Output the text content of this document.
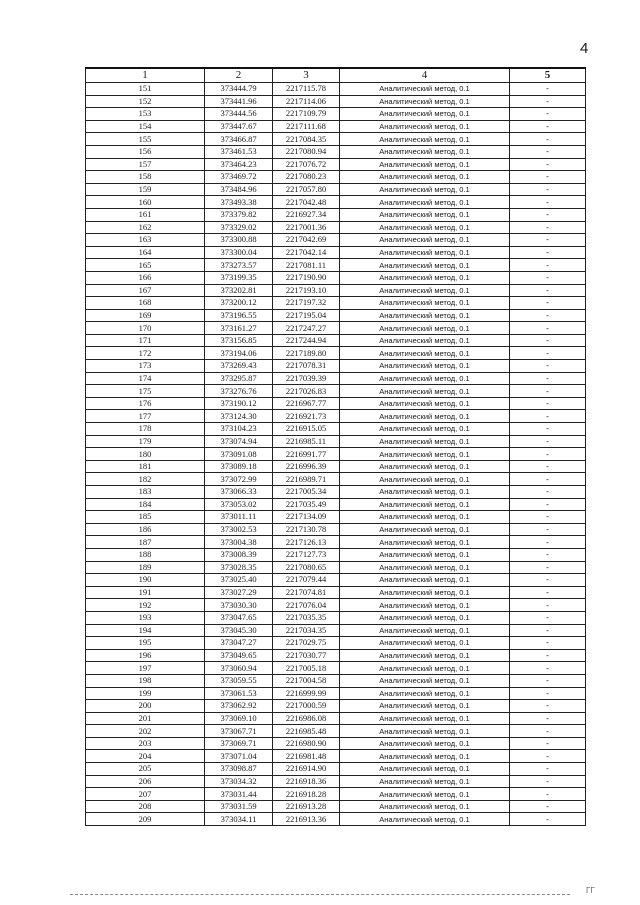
4
1	2	3	4	5
151	373444.79	2217115.78	Аналитический метод, 0.1	-
152	373441.96	2217114.06	Аналитический метод, 0.1	-
153	373444.56	2217109.79	Аналитический метод, 0.1	-
154	373447.67	2217111.68	Аналитический метод, 0.1	-
155	373466.87	2217084.35	Аналитический метод, 0.1	-
156	373461.53	2217080.94	Аналитический метод, 0.1	-
157	373464.23	2217076.72	Аналитический метод, 0.1	-
158	373469.72	2217080.23	Аналитический метод, 0.1	-
159	373484.96	2217057.80	Аналитический метод, 0.1	-
160	373493.38	2217042.48	Аналитический метод, 0.1	-
161	373379.82	2216927.34	Аналитический метод, 0.1	-
162	373329.02	2217001.36	Аналитический метод, 0.1	-
163	373300.88	2217042.69	Аналитический метод, 0.1	-
164	373300.04	2217042.14	Аналитический метод, 0.1	-
165	373273.57	2217081.11	Аналитический метод, 0.1	-
166	373199.35	2217190.90	Аналитический метод, 0.1	-
167	373202.81	2217193.10	Аналитический метод, 0.1	-
168	373200.12	2217197.32	Аналитический метод, 0.1	-
169	373196.55	2217195.04	Аналитический метод, 0.1	-
170	373161.27	2217247.27	Аналитический метод, 0.1	-
171	373156.85	2217244.94	Аналитический метод, 0.1	-
172	373194.06	2217189.80	Аналитический метод, 0.1	-
173	373269.43	2217078.31	Аналитический метод, 0.1	-
174	373295.87	2217039.39	Аналитический метод, 0.1	-
175	373276.76	2217026.83	Аналитический метод, 0.1	-
176	373190.12	2216967.77	Аналитический метод, 0.1	-
177	373124.30	2216921.73	Аналитический метод, 0.1	-
178	373104.23	2216915.05	Аналитический метод, 0.1	-
179	373074.94	2216985.11	Аналитический метод, 0.1	-
180	373091.08	2216991.77	Аналитический метод, 0.1	-
181	373089.18	2216996.39	Аналитический метод, 0.1	-
182	373072.99	2216989.71	Аналитический метод, 0.1	-
183	373066.33	2217005.34	Аналитический метод, 0.1	-
184	373053.02	2217035.49	Аналитический метод, 0.1	-
185	373011.11	2217134.09	Аналитический метод, 0.1	-
186	373002.53	2217130.78	Аналитический метод, 0.1	-
187	373004.38	2217126.13	Аналитический метод, 0.1	-
188	373008.39	2217127.73	Аналитический метод, 0.1	-
189	373028.35	2217080.65	Аналитический метод, 0.1	-
190	373025.40	2217079.44	Аналитический метод, 0.1	-
191	373027.29	2217074.81	Аналитический метод, 0.1	-
192	373030.30	2217076.04	Аналитический метод, 0.1	-
193	373047.65	2217035.35	Аналитический метод, 0.1	-
194	373045.30	2217034.35	Аналитический метод, 0.1	-
195	373047.27	2217029.75	Аналитический метод, 0.1	-
196	373049.65	2217030.77	Аналитический метод, 0.1	-
197	373060.94	2217005.18	Аналитический метод, 0.1	-
198	373059.55	2217004.58	Аналитический метод, 0.1	-
199	373061.53	2216999.99	Аналитический метод, 0.1	-
200	373062.92	2217000.59	Аналитический метод, 0.1	-
201	373069.10	2216986.08	Аналитический метод, 0.1	-
202	373067.71	2216985.48	Аналитический метод, 0.1	-
203	373069.71	2216980.90	Аналитический метод, 0.1	-
204	373071.04	2216981.48	Аналитический метод, 0.1	-
205	373098.87	2216914.90	Аналитический метод, 0.1	-
206	373034.32	2216918.36	Аналитический метод, 0.1	-
207	373031.44	2216918.28	Аналитический метод, 0.1	-
208	373031.59	2216913.28	Аналитический метод, 0.1	-
209	373034.11	2216913.36	Аналитический метод, 0.1	-
ГГ
